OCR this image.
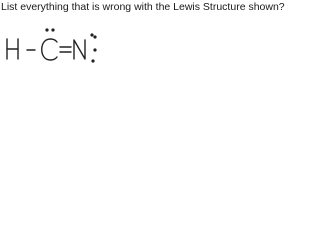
List everything that is wrong with the Lewis Structure shown?
